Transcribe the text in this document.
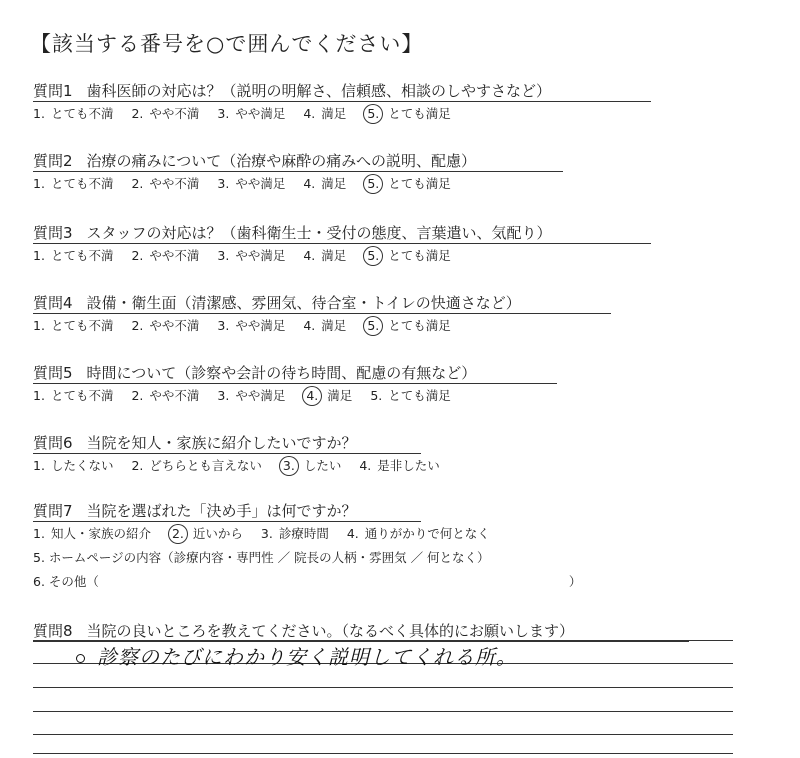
【該当する番号を○で囲んでください】
質問1 歯科医師の対応は？（説明の明解さ、信頼感、相談のしやすさなど）
1. とても不満 2. やや不満 3. やや満足 4. 満足 5. とても満足
質問2 治療の痛みについて（治療や麻酔の痛みへの説明、配慮）
1. とても不満 2. やや不満 3. やや満足 4. 満足 5. とても満足
質問3 スタッフの対応は？（歯科衛生士・受付の態度、言葉遣い、気配り）
1. とても不満 2. やや不満 3. やや満足 4. 満足 5. とても満足
質問4 設備・衛生面（清潔感、雰囲気、待合室・トイレの快適さなど）
1. とても不満 2. やや不満 3. やや満足 4. 満足 5. とても満足
質問5 時間について（診察や会計の待ち時間、配慮の有無など）
1. とても不満 2. やや不満 3. やや満足 4. 満足 5. とても満足
質問6 当院を知人・家族に紹介したいですか？
1. したくない 2. どちらとも言えない 3. したい 4. 是非したい
質問7 当院を選ばれた「決め手」は何ですか？
1. 知人・家族の紹介 2. 近いから 3. 診療時間 4. 通りがかりで何となく
質問8 当院の良いところを教えてください。（なるべく具体的にお願いします）
5. ホームページの内容（診療内容・専門性 ／ 院長の人柄・雰囲気 ／ 何となく）
6. その他（	）
診察のたびにわかり安く説明してくれる所。
